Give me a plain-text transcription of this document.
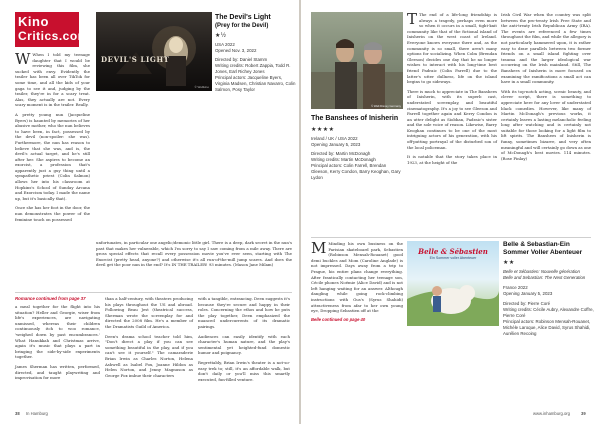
Kino
Critics.com
DEVIL'S LIGHT
© Weltkino
The Devil's Light
(Prey for the Devil)
★½
USA 2022
Opened Nov. 3, 2022
Directed by: Daniel Stamm
Writing credits: Robert Zappia, Todd R. Jones, Earl Richey Jones
Principal actors: Jacqueline Byers, Virginia Madsen, Christian Navarro, Colin Salmon, Posy Taylor
W When I told my teenage daughter that I would be reviewing this film, she sucked with envy. Evidently the trailer has been all over TikTok for some time, and all the kids of your gaga to see it and, judging by the trailer, they're in for a scary treat. Alas, they actually are not. Every scary moment is in the trailer. Really.
A pretty young nun (Jacqueline Byers) is haunted by memories of her abusive mother, who the nun believes to have been, in fact, possessed by the devil (non-spoiler: she was). Furthermore, the nun has reason to believe that she was, and is, the devil's actual target, and he's still after her. She aspires to become an exorcist, a profession that's apparently just a guy thing until a sympathetic priest (Colin Salmon) allows her into his classroom at Hopkins's School of Sunday Arcana and Exorcism today. I made the name up, but it's basically that).
Once she has her foot in the door, the nun demonstrates the power of the feminine touch on possessed
unfortunates, in particular one angelic/demonic little girl. There is a deep, dark secret in the nun's past that makes her vulnerable, which I'm sorry to say I saw coming from a mile away. There are gross special effects that recall every possession movie you've ever seen, starting with The Exorcist (pretty head, anyone?) and otherwise it's all run-of-the-mill jump scares. And does the devil get the poor nun in the end? It's IN THE TRAILER! 93 minutes. (Mason Jane Milam)
Romance continued from page 37
a meal together for the flight into his situation? Heller and Georgie, wiser from life's experiences, are navigating unmissed, whereas their children continuously itch to woo romance, 'weighed down by past encumbrances.' What Hanukkah and Christmas arrive, again it's music that plays a part in bringing the side-by-side experiments together.
James Sherman has written, performed, directed, and taught playwriting and improvisation for more
than a half-century, with theaters producing his plays throughout the US and abroad. Following Beau Jest (theatrical success, Sherman wrote the screenplay for and directed the 2008 film. He's a member of the Dramatists Guild of America.
Deen's drama school teacher told him, "Don't direct a play if you can see something beautiful in the play, and if you can't see it yourself." The camaraderie Brian Irwin as Charles Norton, Helena Ashwell as Isabel Fox, Joanne Hildon as Helen Norton, and Jenny Magnuson as George Fox imbue their characters
with a tangible, entrancing. Deen suggests it's because they're secure and happy in their roles. Concerning the ethos and how he puts the play together, Deen emphasized the nuanced undercurrents of its dramatic pairings.
Audiences can easily identify with each character's human nature, and the play's sentimental yet heighted-fund domestic humor and poignancy.
Regrettably, Brian Irwin's theater is a not-so-easy trek to; still, it's an affordable walk, but don't daily or you'll miss this smartly executed, fun-filled venture.
38 In Hamburg
© Walt Disney Germany
The Banshees of Inisherin
★★★★
Ireland / UK / USA 2022
Opening January 5, 2023
Directed by: Martin McDonagh
Writing credits: Martin McDonagh
Principal actors: Colin Farrell, Brendan Gleeson, Kerry Condon, Barry Keoghan, Gary Lydon
T The end of a life-long friendship is always a tragedy, perhaps even more so when it occurs in a small, tight-knit community like that of the fictional island of Inisherin on the west coast of Ireland. Everyone knows everyone there and, as the community is so small, there aren't many options for socializing. When Colm (Brendan Gleeson) decides one day that he no longer wishes to interact with his long-time best friend Padraic (Colin Farrell) due to the latter's utter dullness, life on the island begins to go sideways.
There is much to appreciate in The Banshees of Inisherin, with its superb cast, understated screenplay, and beautiful cinematography. It's a joy to see Gleeson and Farrell together again and Kerry Condon is an utter delight as Siobhan, Padraic's sister and the sole voice of reason. Likewise, Barry Keoghan continues to be one of the most intriguing actors of his generation, with his off-putting portrayal of the disturbed son of the local policeman.
It is notable that the story takes place in 1923, at the height of the
Irish Civil War when the country was split between the pro-treaty Irish Free State and the anti-treaty Irish Republican Army (IRA). The events are referenced a few times throughout the film, and while the allegory is not particularly hammered upon, it is rather easy to draw parallels between two former friends on a small island fighting over trauma and the larger ideological war occurring on the Irish mainland. Still, The Banshees of Inisherin is more focused on examining the ramifications a small act can have in a small community.
With its top-notch acting, scenic beauty, and clever script, there is something to appreciate here for any lover of understated black comedies. However, like many of Martin McDonagh's previous works, it certainly leaves a lasting melancholic feeling long after watching and is certainly not suitable for those looking for a light film to lift spirits. The Banshees of Inisherin is funny, sometimes bizarre, and very often meaningful and will certainly go down as one of McDonagh's best movies. 114 minutes. (Rose Finlay)
M Minding his own business on the Parisian skateboard park, Sebastien (Robinson Mensah-Rouanet) good demi buckles and Mom (Caroline Anglade) is not impressed. Days away from a trip to Prague, his entire plans change everything. After frantically contacting her teenage son, Cécile phones Noémie (Alice David) and is not left hanging waiting for an answer. Although dangling while going rock-climbing instructions with Gus's (Syrus Shahidi) attractiveness from afar to her own young eye, Dropping Sebastien off at the
Belle continued on page 40
Belle & Sébastien
Ein Sommer voller Abenteuer
Belle & Sebastian-Ein Sommer Voller Abenteuer
★★
Belle et Sébastien: Nouvelle génération
Belle and Sebastian: The Next Generation
France 2022
Opening January 5, 2023
Directed by: Pierre Coré
Writing credits: Cécile Aubry, Alexandre Coffre, Pierre Coré
Principal actors: Robinson Mensah-Rouanet, Michèle Laroque, Alice David, Syrus Shahidi, Aurélien Recoing
www.inhamburg.org	39
